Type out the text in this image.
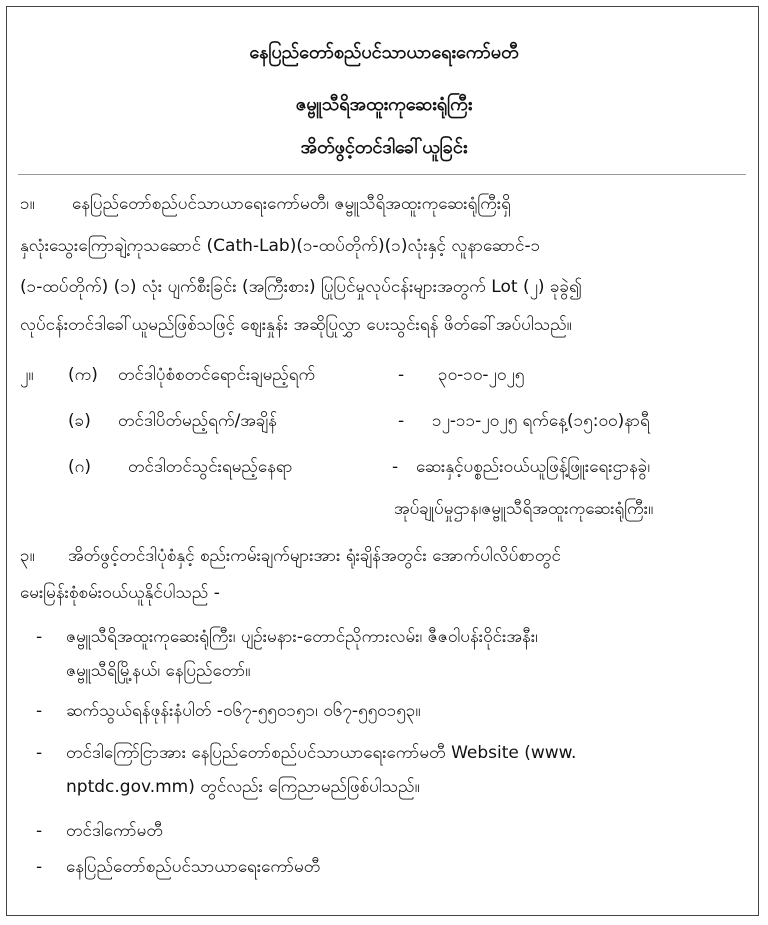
နေပြည်တော်စည်ပင်သာယာရေးကော်မတီ
ဇမ္ဗူသီရိအထူးကုဆေးရုံကြီး
အိတ်ဖွင့်တင်ဒါခေါ်ယူခြင်း
၁။ နေပြည်တော်စည်ပင်သာယာရေးကော်မတီ၊ ဇမ္ဗူသီရိအထူးကုဆေးရုံကြီးရှိ
နှလုံးသွေးကြောချဲ့ကုသဆောင် (Cath-Lab)(၁-ထပ်တိုက်)(၁)လုံးနှင့် လူနာဆောင်-၁
(၁-ထပ်တိုက်) (၁) လုံး ပျက်စီးခြင်း (အကြီးစား) ပြုပြင်မှုလုပ်ငန်းများအတွက် Lot (၂) ခုခွဲ၍
လုပ်ငန်းတင်ဒါခေါ်ယူမည်ဖြစ်သဖြင့် စျေးနှုန်း အဆိုပြုလွှာ ပေးသွင်းရန် ဖိတ်ခေါ်အပ်ပါသည်။
၂။ (က) တင်ဒါပုံစံစတင်ရောင်းချမည့်ရက်	- ၃၀-၁၀-၂၀၂၅
(ခ) တင်ဒါပိတ်မည့်ရက်/အချိန်	- ၁၂-၁၁-၂၀၂၅ ရက်နေ့(၁၅:၀၀)နာရီ
(ဂ) တင်ဒါတင်သွင်းရမည့်နေရာ	- ဆေးနှင့်ပစ္စည်းဝယ်ယူဖြန့်ဖြူးရေးဌာနခွဲ၊
အုပ်ချုပ်မှုဌာန၊ဇမ္ဗူသီရိအထူးကုဆေးရုံကြီး။
၃။ အိတ်ဖွင့်တင်ဒါပုံစံနှင့် စည်းကမ်းချက်များအား ရုံးချိန်အတွင်း အောက်ပါလိပ်စာတွင်
မေးမြန်းစုံစမ်းဝယ်ယူနိုင်ပါသည် -
- ဇမ္ဗူသီရိအထူးကုဆေးရုံကြီး၊ ပျဉ်းမနား-တောင်ညိုကားလမ်း၊ ဇီဇဝါပန်းဝိုင်းအနီး၊
ဇမ္ဗူသီရိမြို့နယ်၊ နေပြည်တော်။
- ဆက်သွယ်ရန်ဖုန်းနံပါတ် -၀၆၇-၅၅၀၁၅၁၊ ၀၆၇-၅၅၀၁၅၃။
- တင်ဒါကြော်ငြာအား နေပြည်တော်စည်ပင်သာယာရေးကော်မတီ Website (www.
nptdc.gov.mm) တွင်လည်း ကြေညာမည်ဖြစ်ပါသည်။
- တင်ဒါကော်မတီ
- နေပြည်တော်စည်ပင်သာယာရေးကော်မတီ
